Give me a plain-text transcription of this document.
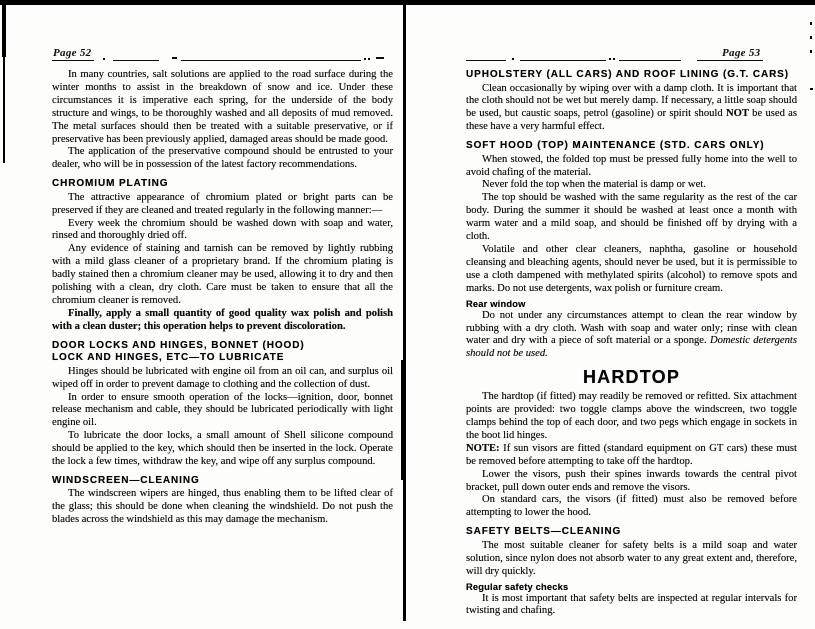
Page 52

In many countries, salt solutions are applied to the road surface during the winter months to assist in the breakdown of snow and ice. Under these circumstances it is imperative each spring, for the underside of the body structure and wings, to be thoroughly washed and all deposits of mud removed. The metal surfaces should then be treated with a suitable preservative, or if preservative has been previously applied, damaged areas should be made good.

The application of the preservative compound should be entrusted to your dealer, who will be in possession of the latest factory recommendations.

CHROMIUM PLATING

The attractive appearance of chromium plated or bright parts can be preserved if they are cleaned and treated regularly in the following manner:—

Every week the chromium should be washed down with soap and water, rinsed and thoroughly dried off.

Any evidence of staining and tarnish can be removed by lightly rubbing with a mild glass cleaner of a proprietary brand. If the chromium plating is badly stained then a chromium cleaner may be used, allowing it to dry and then polishing with a clean, dry cloth. Care must be taken to ensure that all the chromium cleaner is removed.

Finally, apply a small quantity of good quality wax polish and polish with a clean duster; this operation helps to prevent discoloration.

DOOR LOCKS AND HINGES, BONNET (HOOD)
LOCK AND HINGES, ETC—TO LUBRICATE

Hinges should be lubricated with engine oil from an oil can, and surplus oil wiped off in order to prevent damage to clothing and the collection of dust.

In order to ensure smooth operation of the locks—ignition, door, bonnet release mechanism and cable, they should be lubricated periodically with light engine oil.

To lubricate the door locks, a small amount of Shell silicone compound should be applied to the key, which should then be inserted in the lock. Operate the lock a few times, withdraw the key, and wipe off any surplus compound.

WINDSCREEN—CLEANING

The windscreen wipers are hinged, thus enabling them to be lifted clear of the glass; this should be done when cleaning the windshield. Do not push the blades across the windshield as this may damage the mechanism.

Page 53
UPHOLSTERY (ALL CARS) AND ROOF LINING (G.T. CARS)

Clean occasionally by wiping over with a damp cloth. It is important that the cloth should not be wet but merely damp. If necessary, a little soap should be used, but caustic soaps, petrol (gasoline) or spirit should NOT be used as these have a very harmful effect.

SOFT HOOD (TOP) MAINTENANCE (STD. CARS ONLY)

When stowed, the folded top must be pressed fully home into the well to avoid chafing of the material.

Never fold the top when the material is damp or wet.

The top should be washed with the same regularity as the rest of the car body. During the summer it should be washed at least once a month with warm water and a mild soap, and should be finished off by drying with a cloth.

Volatile and other clear cleaners, naphtha, gasoline or household cleansing and bleaching agents, should never be used, but it is permissible to use a cloth dampened with methylated spirits (alcohol) to remove spots and marks. Do not use detergents, wax polish or furniture cream.

Rear window

Do not under any circumstances attempt to clean the rear window by rubbing with a dry cloth. Wash with soap and water only; rinse with clean water and dry with a piece of soft material or a sponge. Domestic detergents should not be used.

HARDTOP

The hardtop (if fitted) may readily be removed or refitted. Six attachment points are provided: two toggle clamps above the windscreen, two toggle clamps behind the top of each door, and two pegs which engage in sockets in the boot lid hinges.

NOTE: If sun visors are fitted (standard equipment on GT cars) these must be removed before attempting to take off the hardtop.

Lower the visors, push their spines inwards towards the central pivot bracket, pull down outer ends and remove the visors.

On standard cars, the visors (if fitted) must also be removed before attempting to lower the hood.

SAFETY BELTS—CLEANING

The most suitable cleaner for safety belts is a mild soap and water solution, since nylon does not absorb water to any great extent and, therefore, will dry quickly.

Regular safety checks

It is most important that safety belts are inspected at regular intervals for twisting and chafing.
